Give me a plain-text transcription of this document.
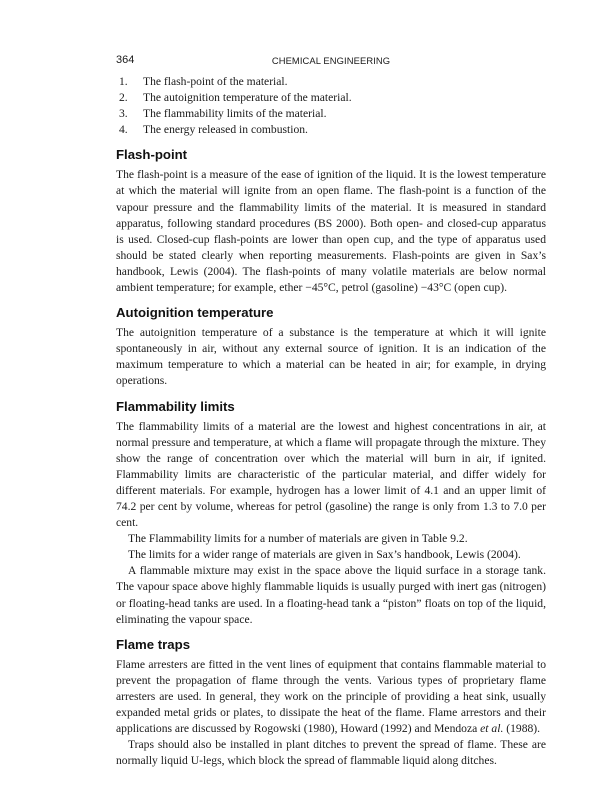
364	CHEMICAL ENGINEERING
1.	The flash-point of the material.
2.	The autoignition temperature of the material.
3.	The flammability limits of the material.
4.	The energy released in combustion.
Flash-point

The flash-point is a measure of the ease of ignition of the liquid. It is the lowest temperature at which the material will ignite from an open flame. The flash-point is a function of the vapour pressure and the flammability limits of the material. It is measured in standard apparatus, following standard procedures (BS 2000). Both open- and closed-cup apparatus is used. Closed-cup flash-points are lower than open cup, and the type of apparatus used should be stated clearly when reporting measurements. Flash-points are given in Sax’s handbook, Lewis (2004). The flash-points of many volatile materials are below normal ambient temperature; for example, ether −45°C, petrol (gasoline) −43°C (open cup).

Autoignition temperature

The autoignition temperature of a substance is the temperature at which it will ignite spontaneously in air, without any external source of ignition. It is an indication of the maximum temperature to which a material can be heated in air; for example, in drying operations.

Flammability limits

The flammability limits of a material are the lowest and highest concentrations in air, at normal pressure and temperature, at which a flame will propagate through the mixture. They show the range of concentration over which the material will burn in air, if ignited. Flammability limits are characteristic of the particular material, and differ widely for different materials. For example, hydrogen has a lower limit of 4.1 and an upper limit of 74.2 per cent by volume, whereas for petrol (gasoline) the range is only from 1.3 to 7.0 per cent.

The Flammability limits for a number of materials are given in Table 9.2.

The limits for a wider range of materials are given in Sax’s handbook, Lewis (2004).

A flammable mixture may exist in the space above the liquid surface in a storage tank. The vapour space above highly flammable liquids is usually purged with inert gas (nitrogen) or floating-head tanks are used. In a floating-head tank a “piston” floats on top of the liquid, eliminating the vapour space.

Flame traps

Flame arresters are fitted in the vent lines of equipment that contains flammable material to prevent the propagation of flame through the vents. Various types of proprietary flame arresters are used. In general, they work on the principle of providing a heat sink, usually expanded metal grids or plates, to dissipate the heat of the flame. Flame arrestors and their applications are discussed by Rogowski (1980), Howard (1992) and Mendoza et al. (1988).

Traps should also be installed in plant ditches to prevent the spread of flame. These are normally liquid U-legs, which block the spread of flammable liquid along ditches.
